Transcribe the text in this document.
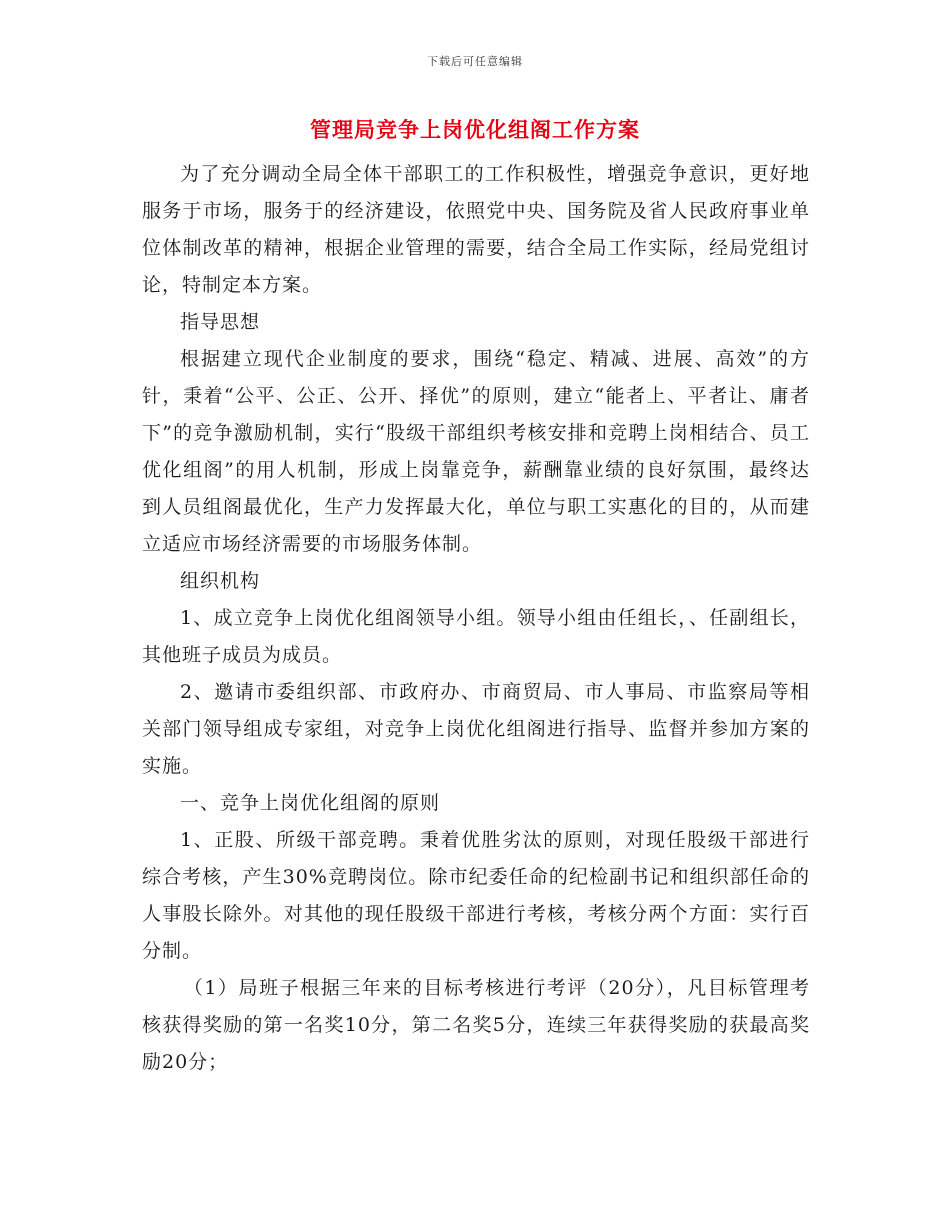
下载后可任意编辑
管理局竞争上岗优化组阁工作方案

为了充分调动全局全体干部职工的工作积极性，增强竞争意识，更好地服务于市场，服务于的经济建设，依照党中央、国务院及省人民政府事业单位体制改革的精神，根据企业管理的需要，结合全局工作实际，经局党组讨论，特制定本方案。

指导思想

根据建立现代企业制度的要求，围绕“稳定、精减、进展、高效”的方针，秉着“公平、公正、公开、择优”的原则，建立“能者上、平者让、庸者下”的竞争激励机制，实行“股级干部组织考核安排和竞聘上岗相结合、员工优化组阁”的用人机制，形成上岗靠竞争，薪酬靠业绩的良好氛围，最终达到人员组阁最优化，生产力发挥最大化，单位与职工实惠化的目的，从而建立适应市场经济需要的市场服务体制。

组织机构

1、成立竞争上岗优化组阁领导小组。领导小组由任组长，、任副组长，其他班子成员为成员。

2、邀请市委组织部、市政府办、市商贸局、市人事局、市监察局等相关部门领导组成专家组，对竞争上岗优化组阁进行指导、监督并参加方案的实施。

一、竞争上岗优化组阁的原则

1、正股、所级干部竞聘。秉着优胜劣汰的原则，对现任股级干部进行综合考核，产生30%竞聘岗位。除市纪委任命的纪检副书记和组织部任命的人事股长除外。对其他的现任股级干部进行考核，考核分两个方面：实行百分制。

（1）局班子根据三年来的目标考核进行考评（20分），凡目标管理考核获得奖励的第一名奖10分，第二名奖5分，连续三年获得奖励的获最高奖励20分；
